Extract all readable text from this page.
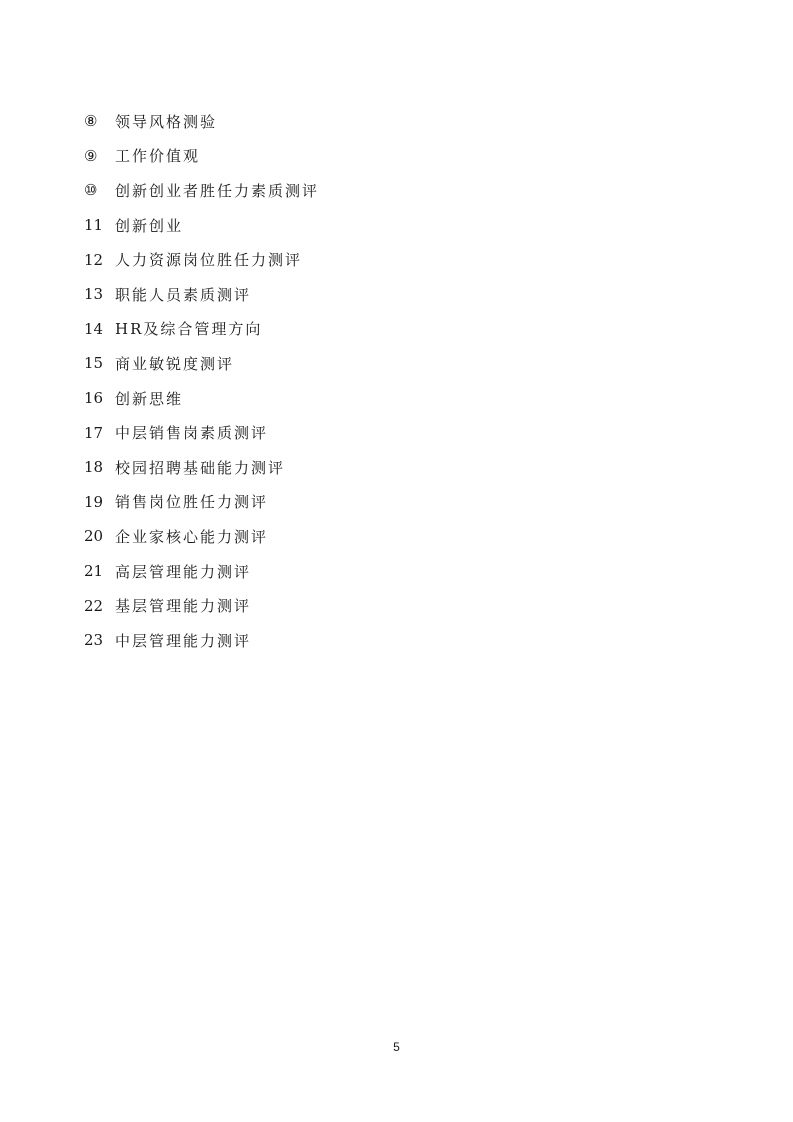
⑧	领导风格测验
⑨	工作价值观
⑩	创新创业者胜任力素质测评
11 创新创业
12 人力资源岗位胜任力测评
13 职能人员素质测评
14 HR及综合管理方向
15 商业敏锐度测评
16 创新思维
17 中层销售岗素质测评
18 校园招聘基础能力测评
19 销售岗位胜任力测评
20 企业家核心能力测评
21 高层管理能力测评
22 基层管理能力测评
23 中层管理能力测评
5
